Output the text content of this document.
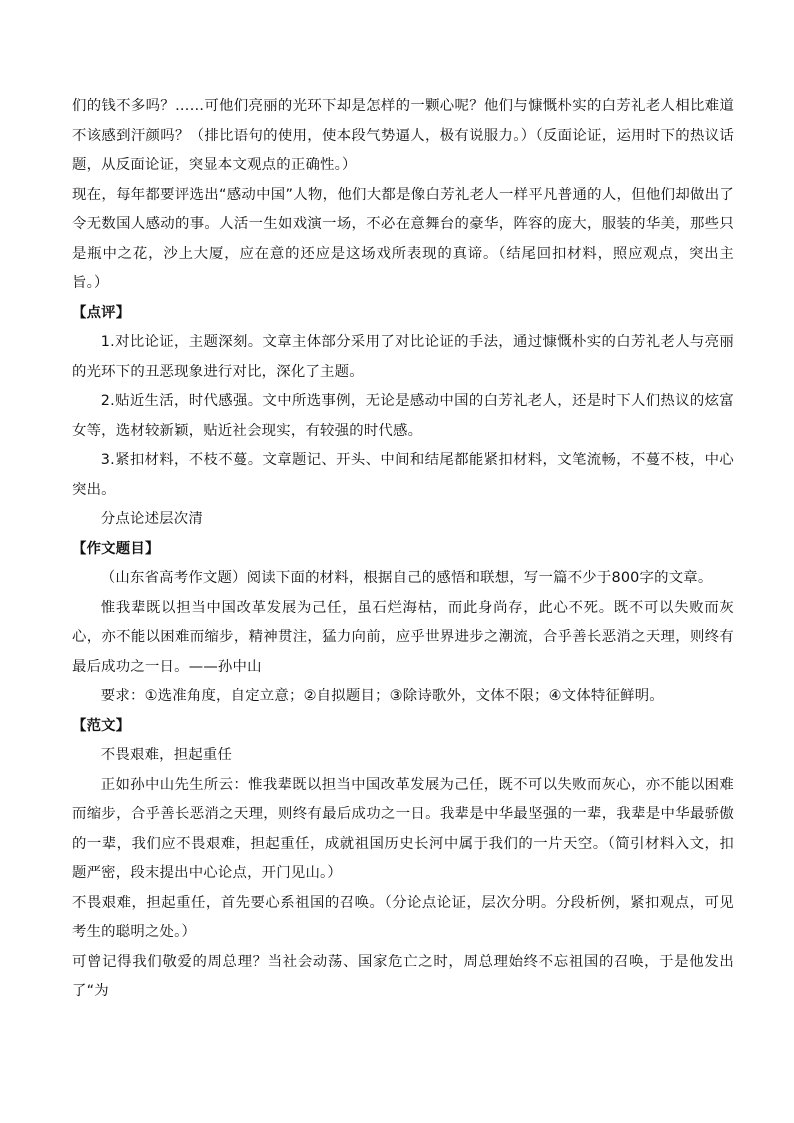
们的钱不多吗？……可他们亮丽的光环下却是怎样的一颗心呢？他们与慷慨朴实的白芳礼老人相比难道不该感到汗颜吗？（排比语句的使用，使本段气势逼人，极有说服力。）（反面论证，运用时下的热议话题，从反面论证，突显本文观点的正确性。）

现在，每年都要评选出“感动中国”人物，他们大都是像白芳礼老人一样平凡普通的人，但他们却做出了令无数国人感动的事。人活一生如戏演一场，不必在意舞台的豪华，阵容的庞大，服装的华美，那些只是瓶中之花，沙上大厦，应在意的还应是这场戏所表现的真谛。（结尾回扣材料，照应观点，突出主旨。）

【点评】

1.对比论证，主题深刻。文章主体部分采用了对比论证的手法，通过慷慨朴实的白芳礼老人与亮丽的光环下的丑恶现象进行对比，深化了主题。

2.贴近生活，时代感强。文中所选事例，无论是感动中国的白芳礼老人，还是时下人们热议的炫富女等，选材较新颖，贴近社会现实，有较强的时代感。

3.紧扣材料，不枝不蔓。文章题记、开头、中间和结尾都能紧扣材料，文笔流畅，不蔓不枝，中心突出。

分点论述层次清

【作文题目】

（山东省高考作文题）阅读下面的材料，根据自己的感悟和联想，写一篇不少于800字的文章。

惟我辈既以担当中国改革发展为己任，虽石烂海枯，而此身尚存，此心不死。既不可以失败而灰心，亦不能以困难而缩步，精神贯注，猛力向前，应乎世界进步之潮流，合乎善长恶消之天理，则终有最后成功之一日。——孙中山

要求：①选准角度，自定立意；②自拟题目；③除诗歌外，文体不限；④文体特征鲜明。

【范文】

不畏艰难，担起重任

正如孙中山先生所云：惟我辈既以担当中国改革发展为己任，既不可以失败而灰心，亦不能以困难而缩步，合乎善长恶消之天理，则终有最后成功之一日。我辈是中华最坚强的一辈，我辈是中华最骄傲的一辈，我们应不畏艰难，担起重任，成就祖国历史长河中属于我们的一片天空。（简引材料入文，扣题严密，段末提出中心论点，开门见山。）

不畏艰难，担起重任，首先要心系祖国的召唤。（分论点论证，层次分明。分段析例，紧扣观点，可见考生的聪明之处。）

可曾记得我们敬爱的周总理？当社会动荡、国家危亡之时，周总理始终不忘祖国的召唤，于是他发出了“为
